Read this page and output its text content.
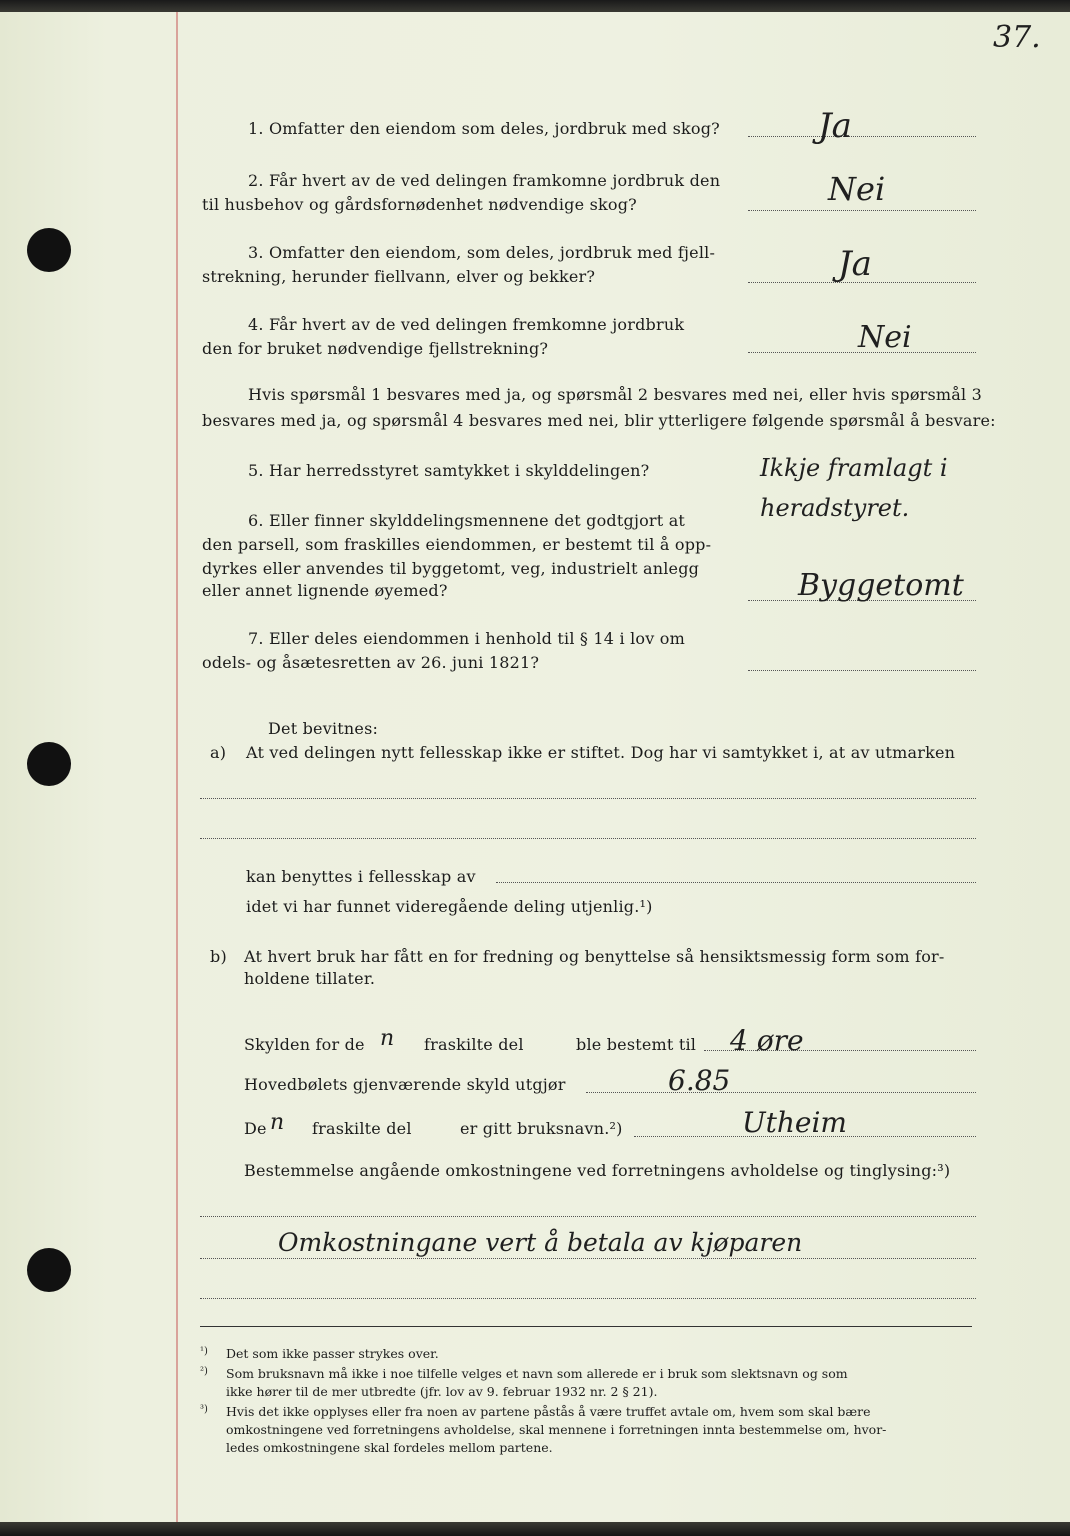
37.
1. Omfatter den eiendom som deles, jordbruk med skog?	Ja
2. Får hvert av de ved delingen framkomne jordbruk den
til husbehov og gårdsfornødenhet nødvendige skog?	Nei
3. Omfatter den eiendom, som deles, jordbruk med fjell-
strekning, herunder fiellvann, elver og bekker?	Ja
4. Får hvert av de ved delingen fremkomne jordbruk
den for bruket nødvendige fjellstrekning?	Nei
Hvis spørsmål 1 besvares med ja, og spørsmål 2 besvares med nei, eller hvis spørsmål 3
besvares med ja, og spørsmål 4 besvares med nei, blir ytterligere følgende spørsmål å besvare:
5. Har herredsstyret samtykket i skylddelingen?	Ikkje framlagt i heradstyret.
6. Eller finner skylddelingsmennene det godtgjort at
den parsell, som fraskilles eiendommen, er bestemt til å opp-
dyrkes eller anvendes til byggetomt, veg, industrielt anlegg
eller annet lignende øyemed?	Byggetomt
7. Eller deles eiendommen i henhold til § 14 i lov om
odels- og åsætesretten av 26. juni 1821?
Det bevitnes:
a) At ved delingen nytt fellesskap ikke er stiftet. Dog har vi samtykket i, at av utmarken
kan benyttes i fellesskap av
idet vi har funnet videregående deling utjenlig.¹)
b) At hvert bruk har fått en for fredning og benyttelse så hensiktsmessig form som for-
holdene tillater.
Skylden for de n fraskilte del	ble bestemt til 4 øre
Hovedbølets gjenværende skyld utgjør	6.85
De n fraskilte del	er gitt bruksnavn.²)	Utheim
Bestemmelse angående omkostningene ved forretningens avholdelse og tinglysing:³)
Omkostningane vert å betala av kjøparen
¹) Det som ikke passer strykes over.
²) Som bruksnavn må ikke i noe tilfelle velges et navn som allerede er i bruk som slektsnavn og som
ikke hører til de mer utbredte (jfr. lov av 9. februar 1932 nr. 2 § 21).
³) Hvis det ikke opplyses eller fra noen av partene påstås å være truffet avtale om, hvem som skal bære
omkostningene ved forretningens avholdelse, skal mennene i forretningen innta bestemmelse om, hvor-
ledes omkostningene skal fordeles mellom partene.
